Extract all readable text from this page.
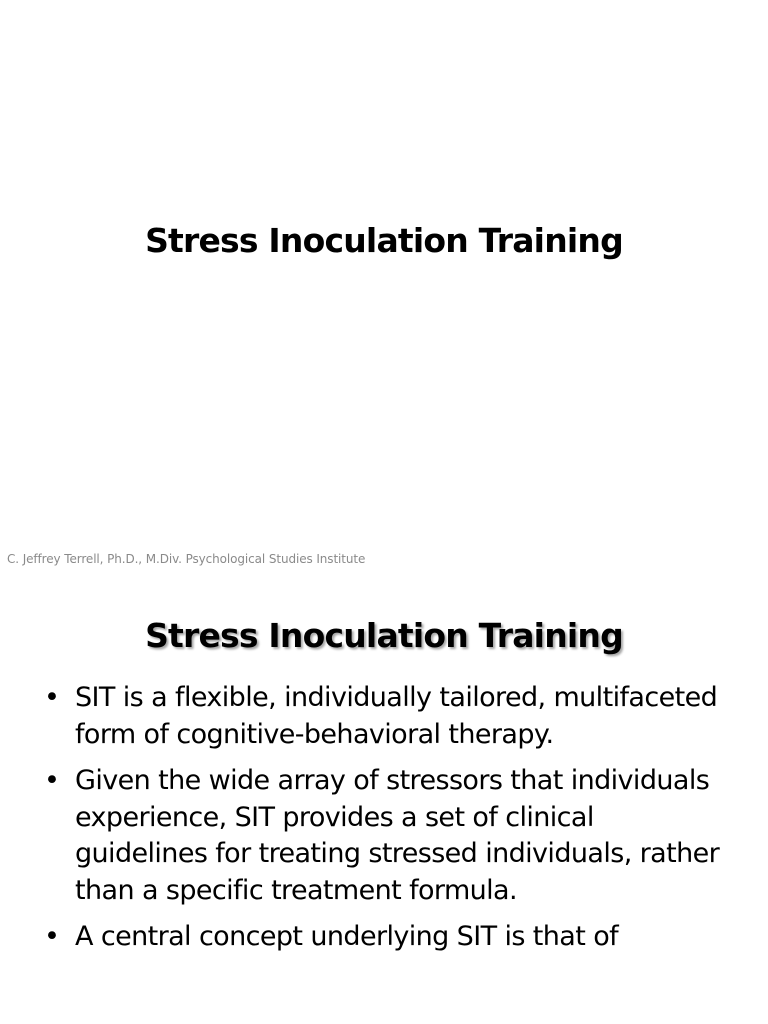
Stress Inoculation Training
C. Jeffrey Terrell, Ph.D., M.Div. Psychological Studies Institute
Stress Inoculation Training
• SIT is a flexible, individually tailored, multifaceted form of cognitive-behavioral therapy.
• Given the wide array of stressors that individuals experience, SIT provides a set of clinical guidelines for treating stressed individuals, rather than a specific treatment formula.
• A central concept underlying SIT is that of
